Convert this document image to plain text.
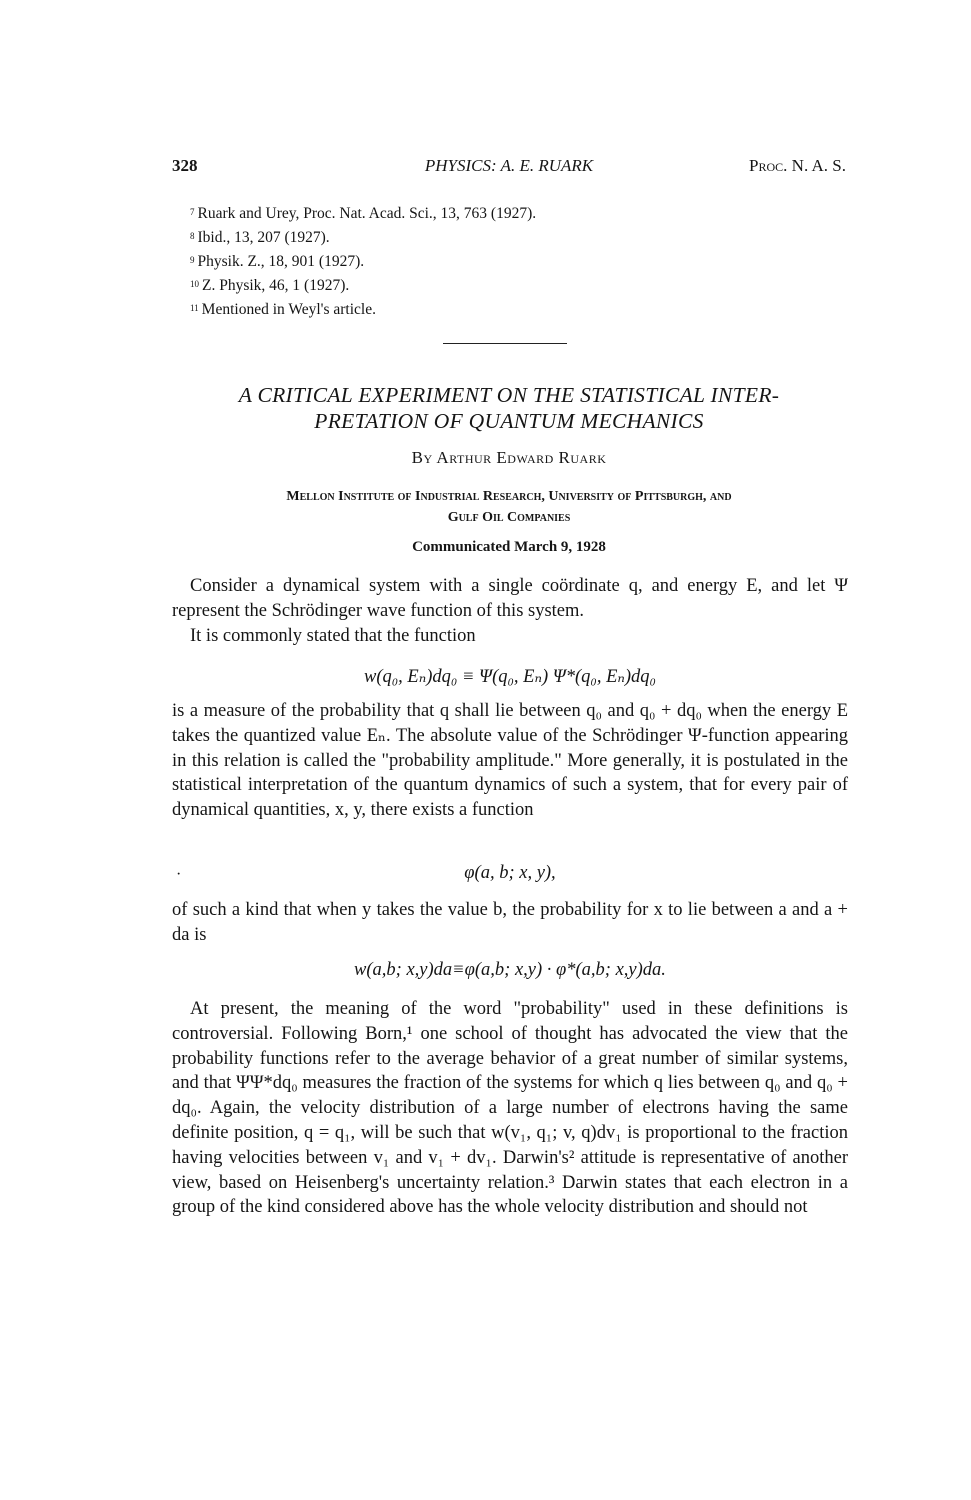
328	PHYSICS: A. E. RUARK	Proc. N. A. S.
$^7$ Ruark and Urey, Proc. Nat. Acad. Sci., 13, 763 (1927).
$^8$ Ibid., 13, 207 (1927).
$^9$ Physik. Z., 18, 901 (1927).
$^{10}$ Z. Physik, 46, 1 (1927).
$^{11}$ Mentioned in Weyl's article.
A CRITICAL EXPERIMENT ON THE STATISTICAL INTER-
PRETATION OF QUANTUM MECHANICS
By Arthur Edward Ruark
Mellon Institute of Industrial Research, University of Pittsburgh, and
Gulf Oil Companies
Communicated March 9, 1928
Consider a dynamical system with a single coördinate q, and energy E, and let Ψ represent the Schrödinger wave function of this system.
It is commonly stated that the function
w(q₀, Eₙ)dq₀ ≡ Ψ(q₀, Eₙ) Ψ*(q₀, Eₙ)dq₀
is a measure of the probability that q shall lie between q₀ and q₀ + dq₀ when the energy E takes the quantized value Eₙ. The absolute value of the Schrödinger Ψ-function appearing in this relation is called the "probability amplitude." More generally, it is postulated in the statistical interpretation of the quantum dynamics of such a system, that for every pair of dynamical quantities, x, y, there exists a function
·	φ(a, b; x, y),
of such a kind that when y takes the value b, the probability for x to lie between a and a + da is
w(a,b; x,y)da≡φ(a,b; x,y) · φ*(a,b; x,y)da.
At present, the meaning of the word "probability" used in these definitions is controversial. Following Born,¹ one school of thought has advocated the view that the probability functions refer to the average behavior of a great number of similar systems, and that ΨΨ*dq₀ measures the fraction of the systems for which q lies between q₀ and q₀ + dq₀. Again, the velocity distribution of a large number of electrons having the same definite position, q = q₁, will be such that w(v₁, q₁; v, q)dv₁ is proportional to the fraction having velocities between v₁ and v₁ + dv₁. Darwin's² attitude is representative of another view, based on Heisenberg's uncertainty relation.³ Darwin states that each electron in a group of the kind considered above has the whole velocity distribution and should not
